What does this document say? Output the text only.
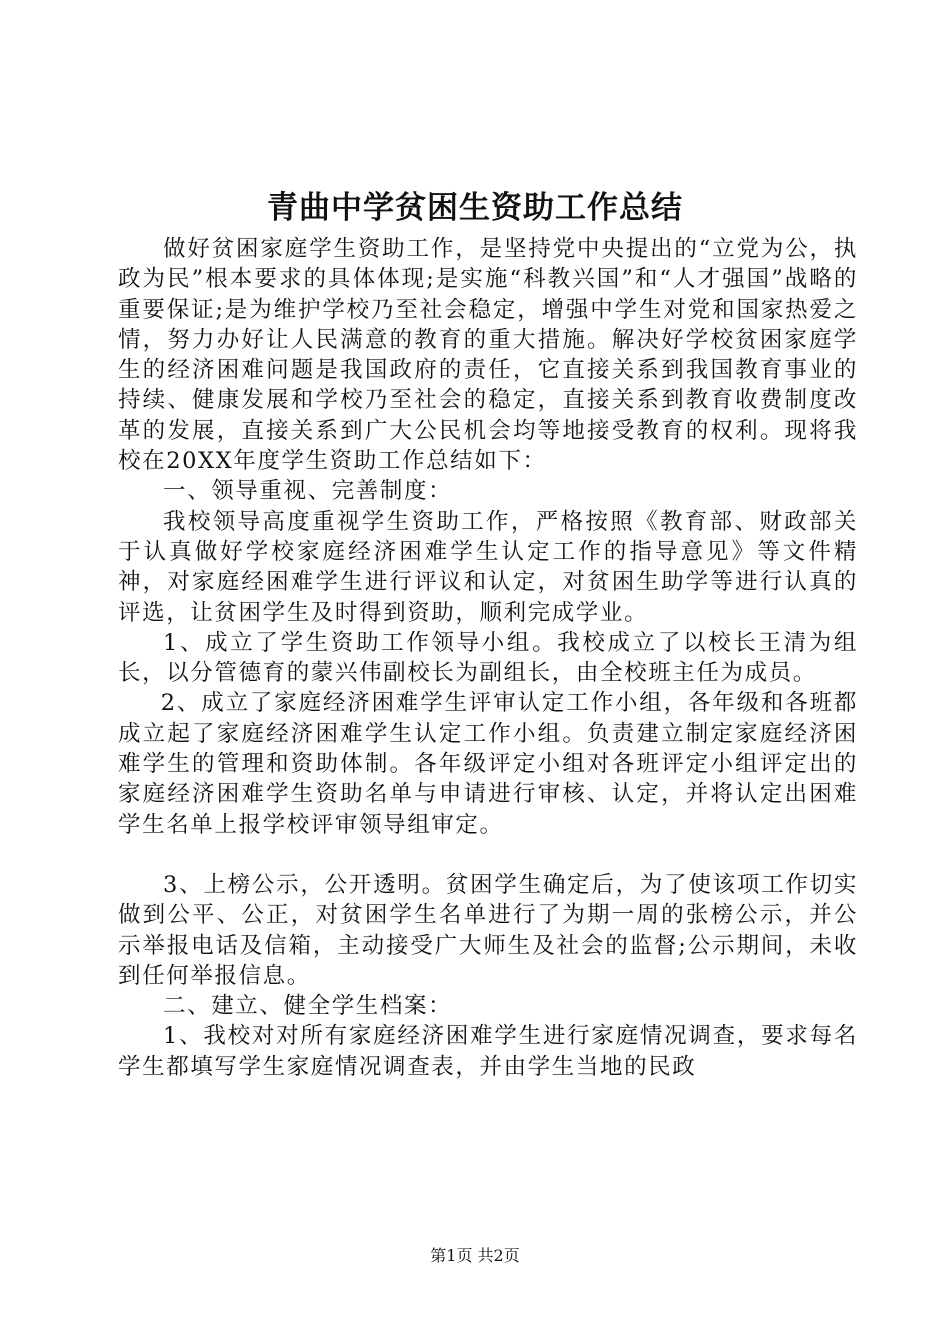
青曲中学贫困生资助工作总结

做好贫困家庭学生资助工作，是坚持党中央提出的“立党为公，执政为民”根本要求的具体体现;是实施“科教兴国”和“人才强国”战略的重要保证;是为维护学校乃至社会稳定，增强中学生对党和国家热爱之情，努力办好让人民满意的教育的重大措施。解决好学校贫困家庭学生的经济困难问题是我国政府的责任，它直接关系到我国教育事业的持续、健康发展和学校乃至社会的稳定，直接关系到教育收费制度改革的发展，直接关系到广大公民机会均等地接受教育的权利。现将我校在20XX年度学生资助工作总结如下：

一、领导重视、完善制度：

我校领导高度重视学生资助工作，严格按照《教育部、财政部关于认真做好学校家庭经济困难学生认定工作的指导意见》等文件精神，对家庭经困难学生进行评议和认定，对贫困生助学等进行认真的评选，让贫困学生及时得到资助，顺利完成学业。

1、成立了学生资助工作领导小组。我校成立了以校长王清为组长，以分管德育的蒙兴伟副校长为副组长，由全校班主任为成员。

2、成立了家庭经济困难学生评审认定工作小组，各年级和各班都成立起了家庭经济困难学生认定工作小组。负责建立制定家庭经济困难学生的管理和资助体制。各年级评定小组对各班评定小组评定出的家庭经济困难学生资助名单与申请进行审核、认定，并将认定出困难学生名单上报学校评审领导组审定。

3、上榜公示，公开透明。贫困学生确定后，为了使该项工作切实做到公平、公正，对贫困学生名单进行了为期一周的张榜公示，并公示举报电话及信箱，主动接受广大师生及社会的监督;公示期间，未收到任何举报信息。

二、建立、健全学生档案：

1、我校对对所有家庭经济困难学生进行家庭情况调查，要求每名学生都填写学生家庭情况调查表，并由学生当地的民政

第1页 共2页
